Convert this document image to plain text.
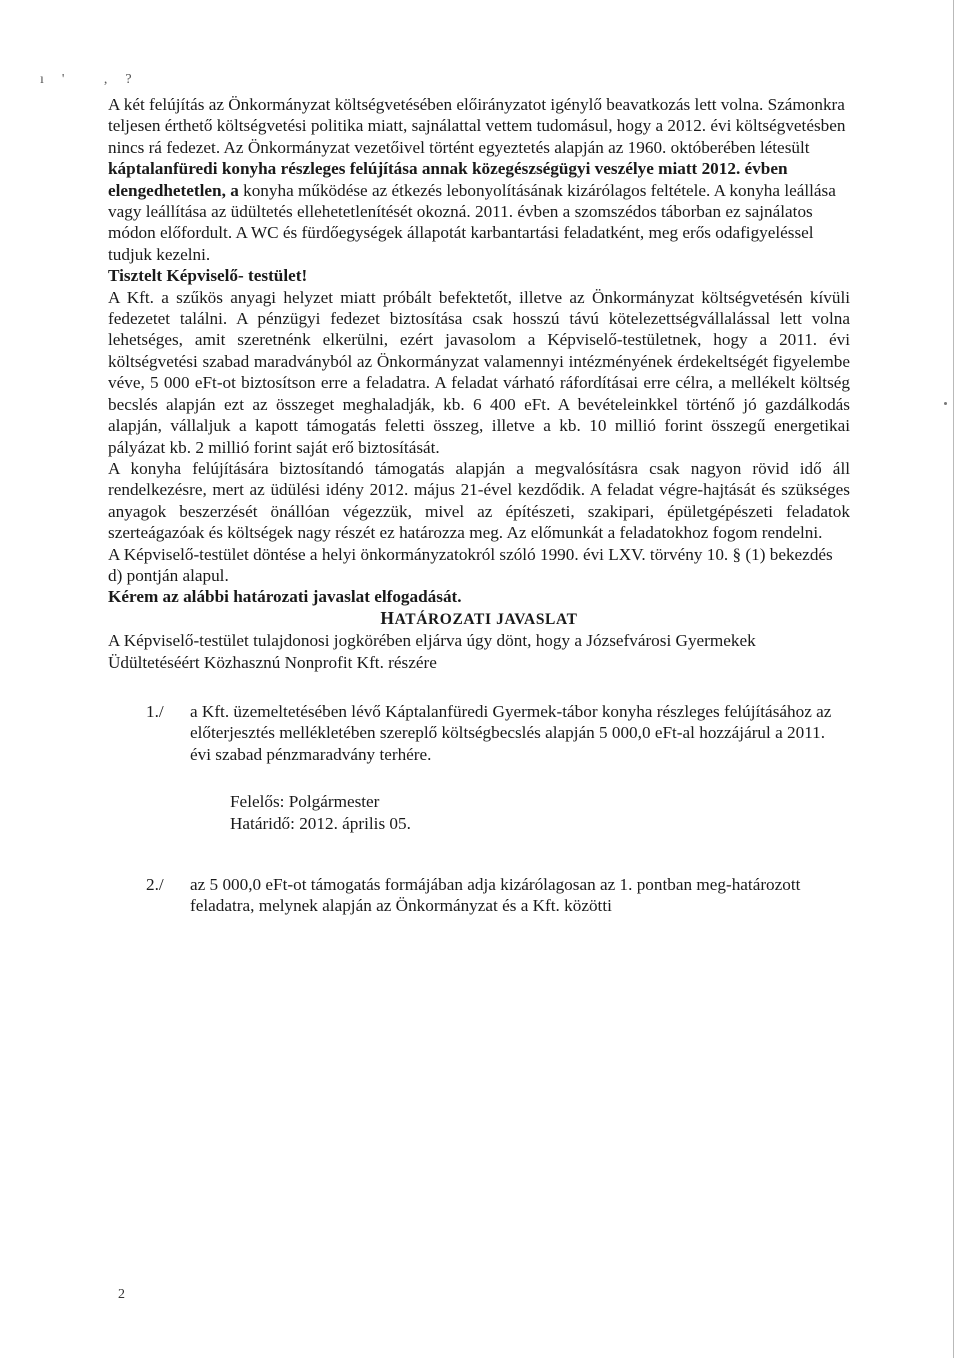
ı' ,?

A két felújítás az Önkormányzat költségvetésében előirányzatot igénylő beavatkozás lett volna. Számonkra teljesen érthető költségvetési politika miatt, sajnálattal vettem tudomásul, hogy a 2012. évi költségvetésben nincs rá fedezet. Az Önkormányzat vezetőivel történt egyeztetés alapján az 1960. októberében létesült káptalanfüredi konyha részleges felújítása annak közegészségügyi veszélye miatt 2012. évben elengedhetetlen, a konyha működése az étkezés lebonyolításának kizárólagos feltétele. A konyha leállása vagy leállítása az üdültetés ellehetetlenítését okozná. 2011. évben a szomszédos táborban ez sajnálatos módon előfordult. A WC és fürdőegységek állapotát karbantartási feladatként, meg erős odafigyeléssel tudjuk kezelni.

Tisztelt Képviselő- testület!

A Kft. a szűkös anyagi helyzet miatt próbált befektetőt, illetve az Önkormányzat költségvetésén kívüli fedezetet találni. A pénzügyi fedezet biztosítása csak hosszú távú kötelezettségvállalással lett volna lehetséges, amit szeretnénk elkerülni, ezért javasolom a Képviselő-testületnek, hogy a 2011. évi költségvetési szabad maradványból az Önkormányzat valamennyi intézményének érdekeltségét figyelembe véve, 5 000 eFt-ot biztosítson erre a feladatra. A feladat várható ráfordításai erre célra, a mellékelt költség becslés alapján ezt az összeget meghaladják, kb. 6 400 eFt. A bevételeinkkel történő jó gazdálkodás alapján, vállaljuk a kapott támogatás feletti összeg, illetve a kb. 10 millió forint összegű energetikai pályázat kb. 2 millió forint saját erő biztosítását.

A konyha felújítására biztosítandó támogatás alapján a megvalósításra csak nagyon rövid idő áll rendelkezésre, mert az üdülési idény 2012. május 21-ével kezdődik. A feladat végre-hajtását és szükséges anyagok beszerzését önállóan végezzük, mivel az építészeti, szakipari, épületgépészeti feladatok szerteágazóak és költségek nagy részét ez határozza meg. Az előmunkát a feladatokhoz fogom rendelni.

A Képviselő-testület döntése a helyi önkormányzatokról szóló 1990. évi LXV. törvény 10. § (1) bekezdés d) pontján alapul.

Kérem az alábbi határozati javaslat elfogadását.

HATÁROZATI JAVASLAT

A Képviselő-testület tulajdonosi jogkörében eljárva úgy dönt, hogy a Józsefvárosi Gyermekek Üdültetéséért Közhasznú Nonprofit Kft. részére

1./	a Kft. üzemeltetésében lévő Káptalanfüredi Gyermek-tábor konyha részleges felújításához az előterjesztés mellékletében szereplő költségbecslés alapján 5 000,0 eFt-al hozzájárul a 2011. évi szabad pénzmaradvány terhére.
Felelős: Polgármester
Határidő: 2012. április 05.
2./	az 5 000,0 eFt-ot támogatás formájában adja kizárólagosan az 1. pontban meg-határozott feladatra, melynek alapján az Önkormányzat és a Kft. közötti
2
